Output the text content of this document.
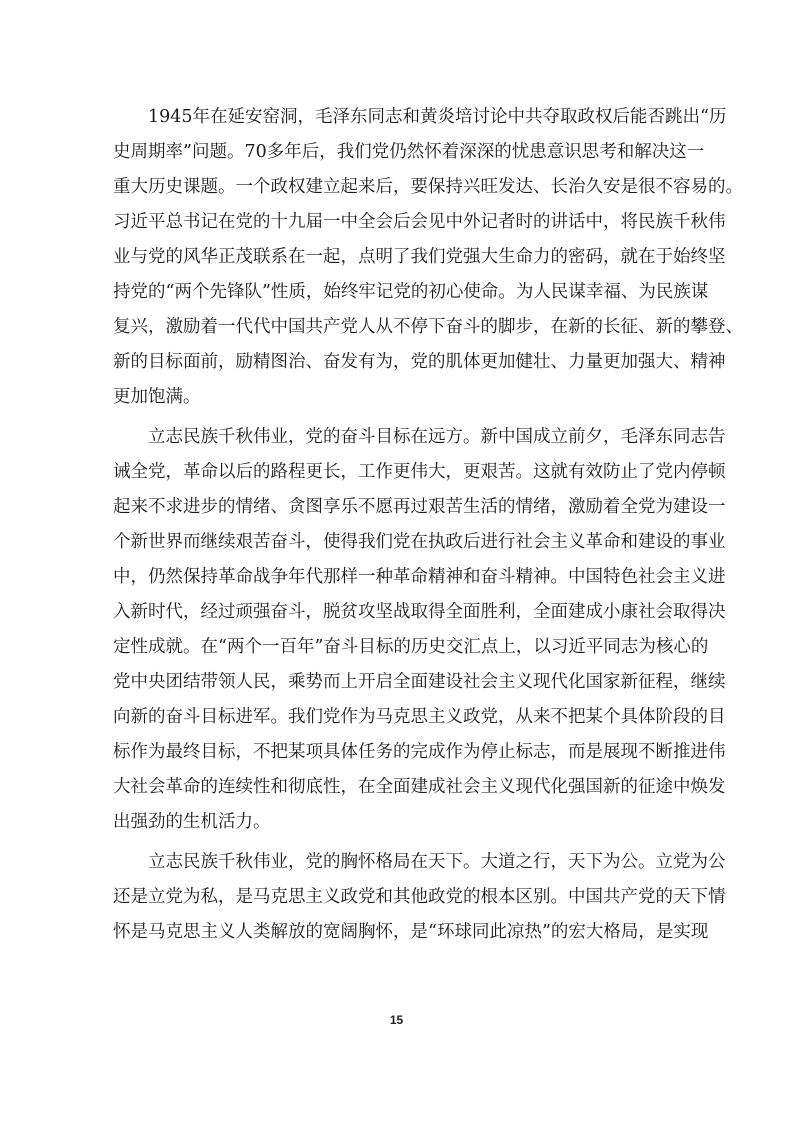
1945年在延安窑洞，毛泽东同志和黄炎培讨论中共夺取政权后能否跳出“历
史周期率”问题。70多年后，我们党仍然怀着深深的忧患意识思考和解决这一
重大历史课题。一个政权建立起来后，要保持兴旺发达、长治久安是很不容易的。
习近平总书记在党的十九届一中全会后会见中外记者时的讲话中，将民族千秋伟
业与党的风华正茂联系在一起，点明了我们党强大生命力的密码，就在于始终坚
持党的“两个先锋队”性质，始终牢记党的初心使命。为人民谋幸福、为民族谋
复兴，激励着一代代中国共产党人从不停下奋斗的脚步，在新的长征、新的攀登、
新的目标面前，励精图治、奋发有为，党的肌体更加健壮、力量更加强大、精神
更加饱满。
立志民族千秋伟业，党的奋斗目标在远方。新中国成立前夕，毛泽东同志告
诫全党，革命以后的路程更长，工作更伟大，更艰苦。这就有效防止了党内停顿
起来不求进步的情绪、贪图享乐不愿再过艰苦生活的情绪，激励着全党为建设一
个新世界而继续艰苦奋斗，使得我们党在执政后进行社会主义革命和建设的事业
中，仍然保持革命战争年代那样一种革命精神和奋斗精神。中国特色社会主义进
入新时代，经过顽强奋斗，脱贫攻坚战取得全面胜利，全面建成小康社会取得决
定性成就。在“两个一百年”奋斗目标的历史交汇点上，以习近平同志为核心的
党中央团结带领人民，乘势而上开启全面建设社会主义现代化国家新征程，继续
向新的奋斗目标进军。我们党作为马克思主义政党，从来不把某个具体阶段的目
标作为最终目标，不把某项具体任务的完成作为停止标志，而是展现不断推进伟
大社会革命的连续性和彻底性，在全面建成社会主义现代化强国新的征途中焕发
出强劲的生机活力。
立志民族千秋伟业，党的胸怀格局在天下。大道之行，天下为公。立党为公
还是立党为私，是马克思主义政党和其他政党的根本区别。中国共产党的天下情
怀是马克思主义人类解放的宽阔胸怀，是“环球同此凉热”的宏大格局，是实现
15
